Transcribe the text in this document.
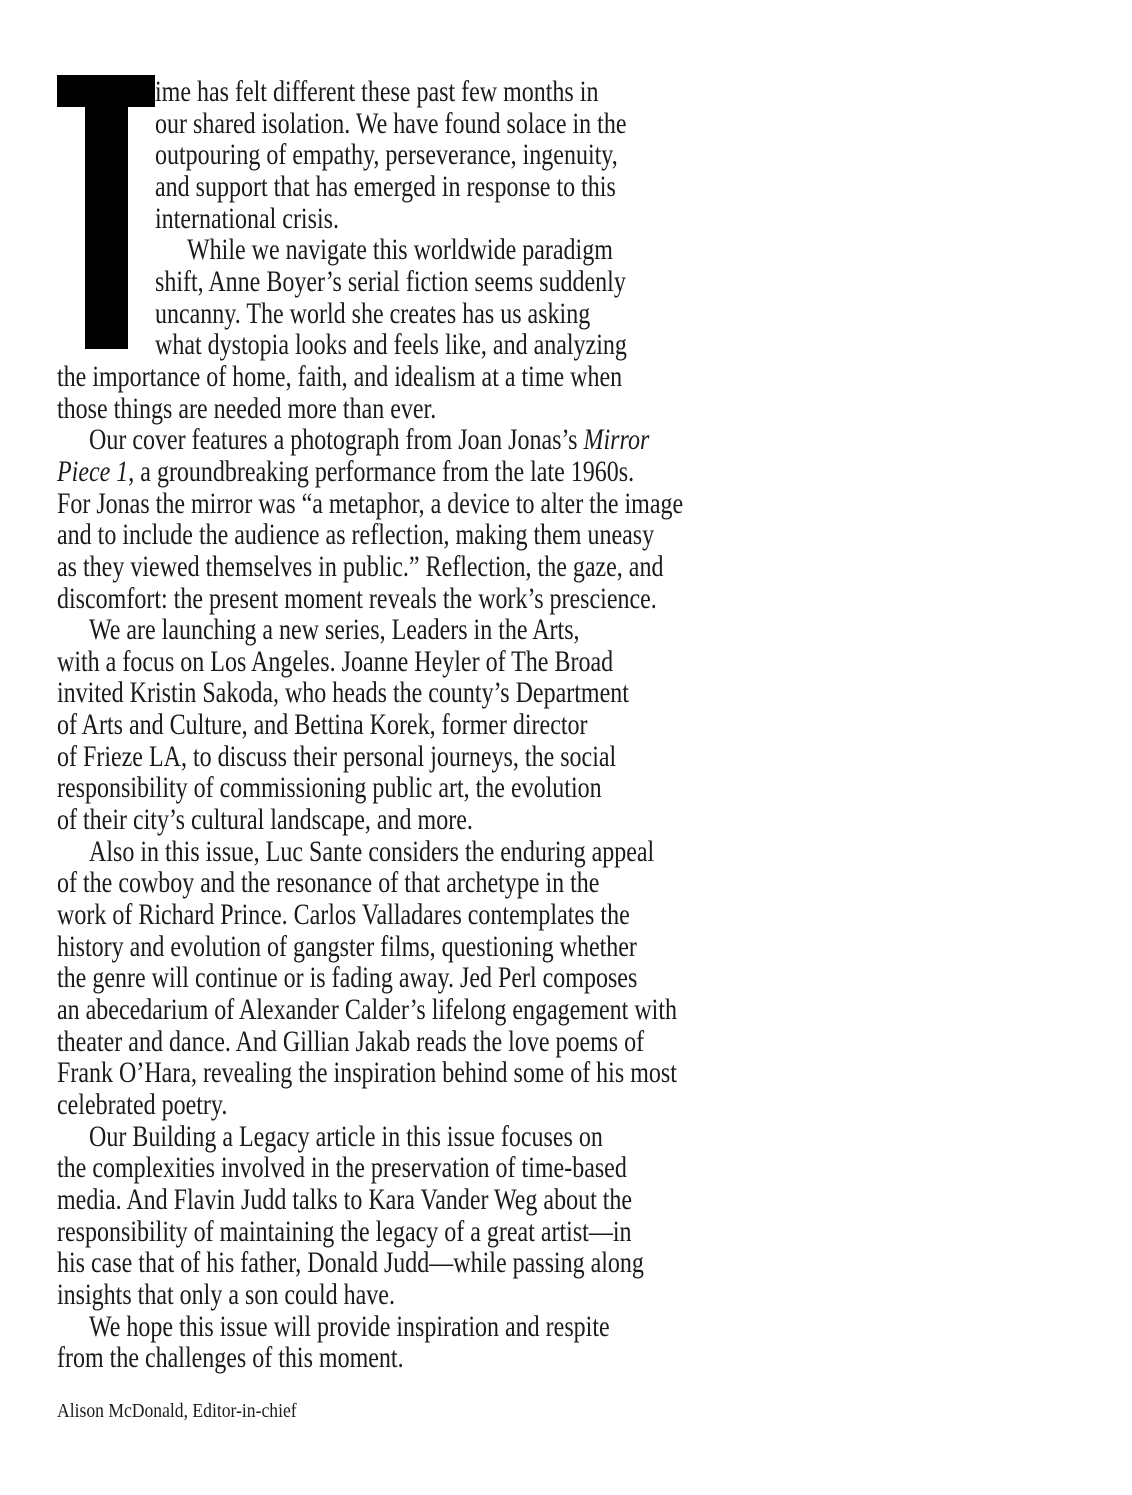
ime has felt different these past few months in
our shared isolation. We have found solace in the
outpouring of empathy, perseverance, ingenuity,
and support that has emerged in response to this
international crisis.
While we navigate this worldwide paradigm
shift, Anne Boyer’s serial fiction seems suddenly
uncanny. The world she creates has us asking
what dystopia looks and feels like, and analyzing
the importance of home, faith, and idealism at a time when
those things are needed more than ever.
Our cover features a photograph from Joan Jonas’s Mirror
Piece 1, a groundbreaking performance from the late 1960s.
For Jonas the mirror was “a metaphor, a device to alter the image
and to include the audience as reflection, making them uneasy
as they viewed themselves in public.” Reflection, the gaze, and
discomfort: the present moment reveals the work’s prescience.
We are launching a new series, Leaders in the Arts,
with a focus on Los Angeles. Joanne Heyler of The Broad
invited Kristin Sakoda, who heads the county’s Department
of Arts and Culture, and Bettina Korek, former director
of Frieze LA, to discuss their personal journeys, the social
responsibility of commissioning public art, the evolution
of their city’s cultural landscape, and more.
Also in this issue, Luc Sante considers the enduring appeal
of the cowboy and the resonance of that archetype in the
work of Richard Prince. Carlos Valladares contemplates the
history and evolution of gangster films, questioning whether
the genre will continue or is fading away. Jed Perl composes
an abecedarium of Alexander Calder’s lifelong engagement with
theater and dance. And Gillian Jakab reads the love poems of
Frank O’Hara, revealing the inspiration behind some of his most
celebrated poetry.
Our Building a Legacy article in this issue focuses on
the complexities involved in the preservation of time-based
media. And Flavin Judd talks to Kara Vander Weg about the
responsibility of maintaining the legacy of a great artist—in
his case that of his father, Donald Judd—while passing along
insights that only a son could have.
We hope this issue will provide inspiration and respite
from the challenges of this moment.
Alison McDonald, Editor-in-chief
